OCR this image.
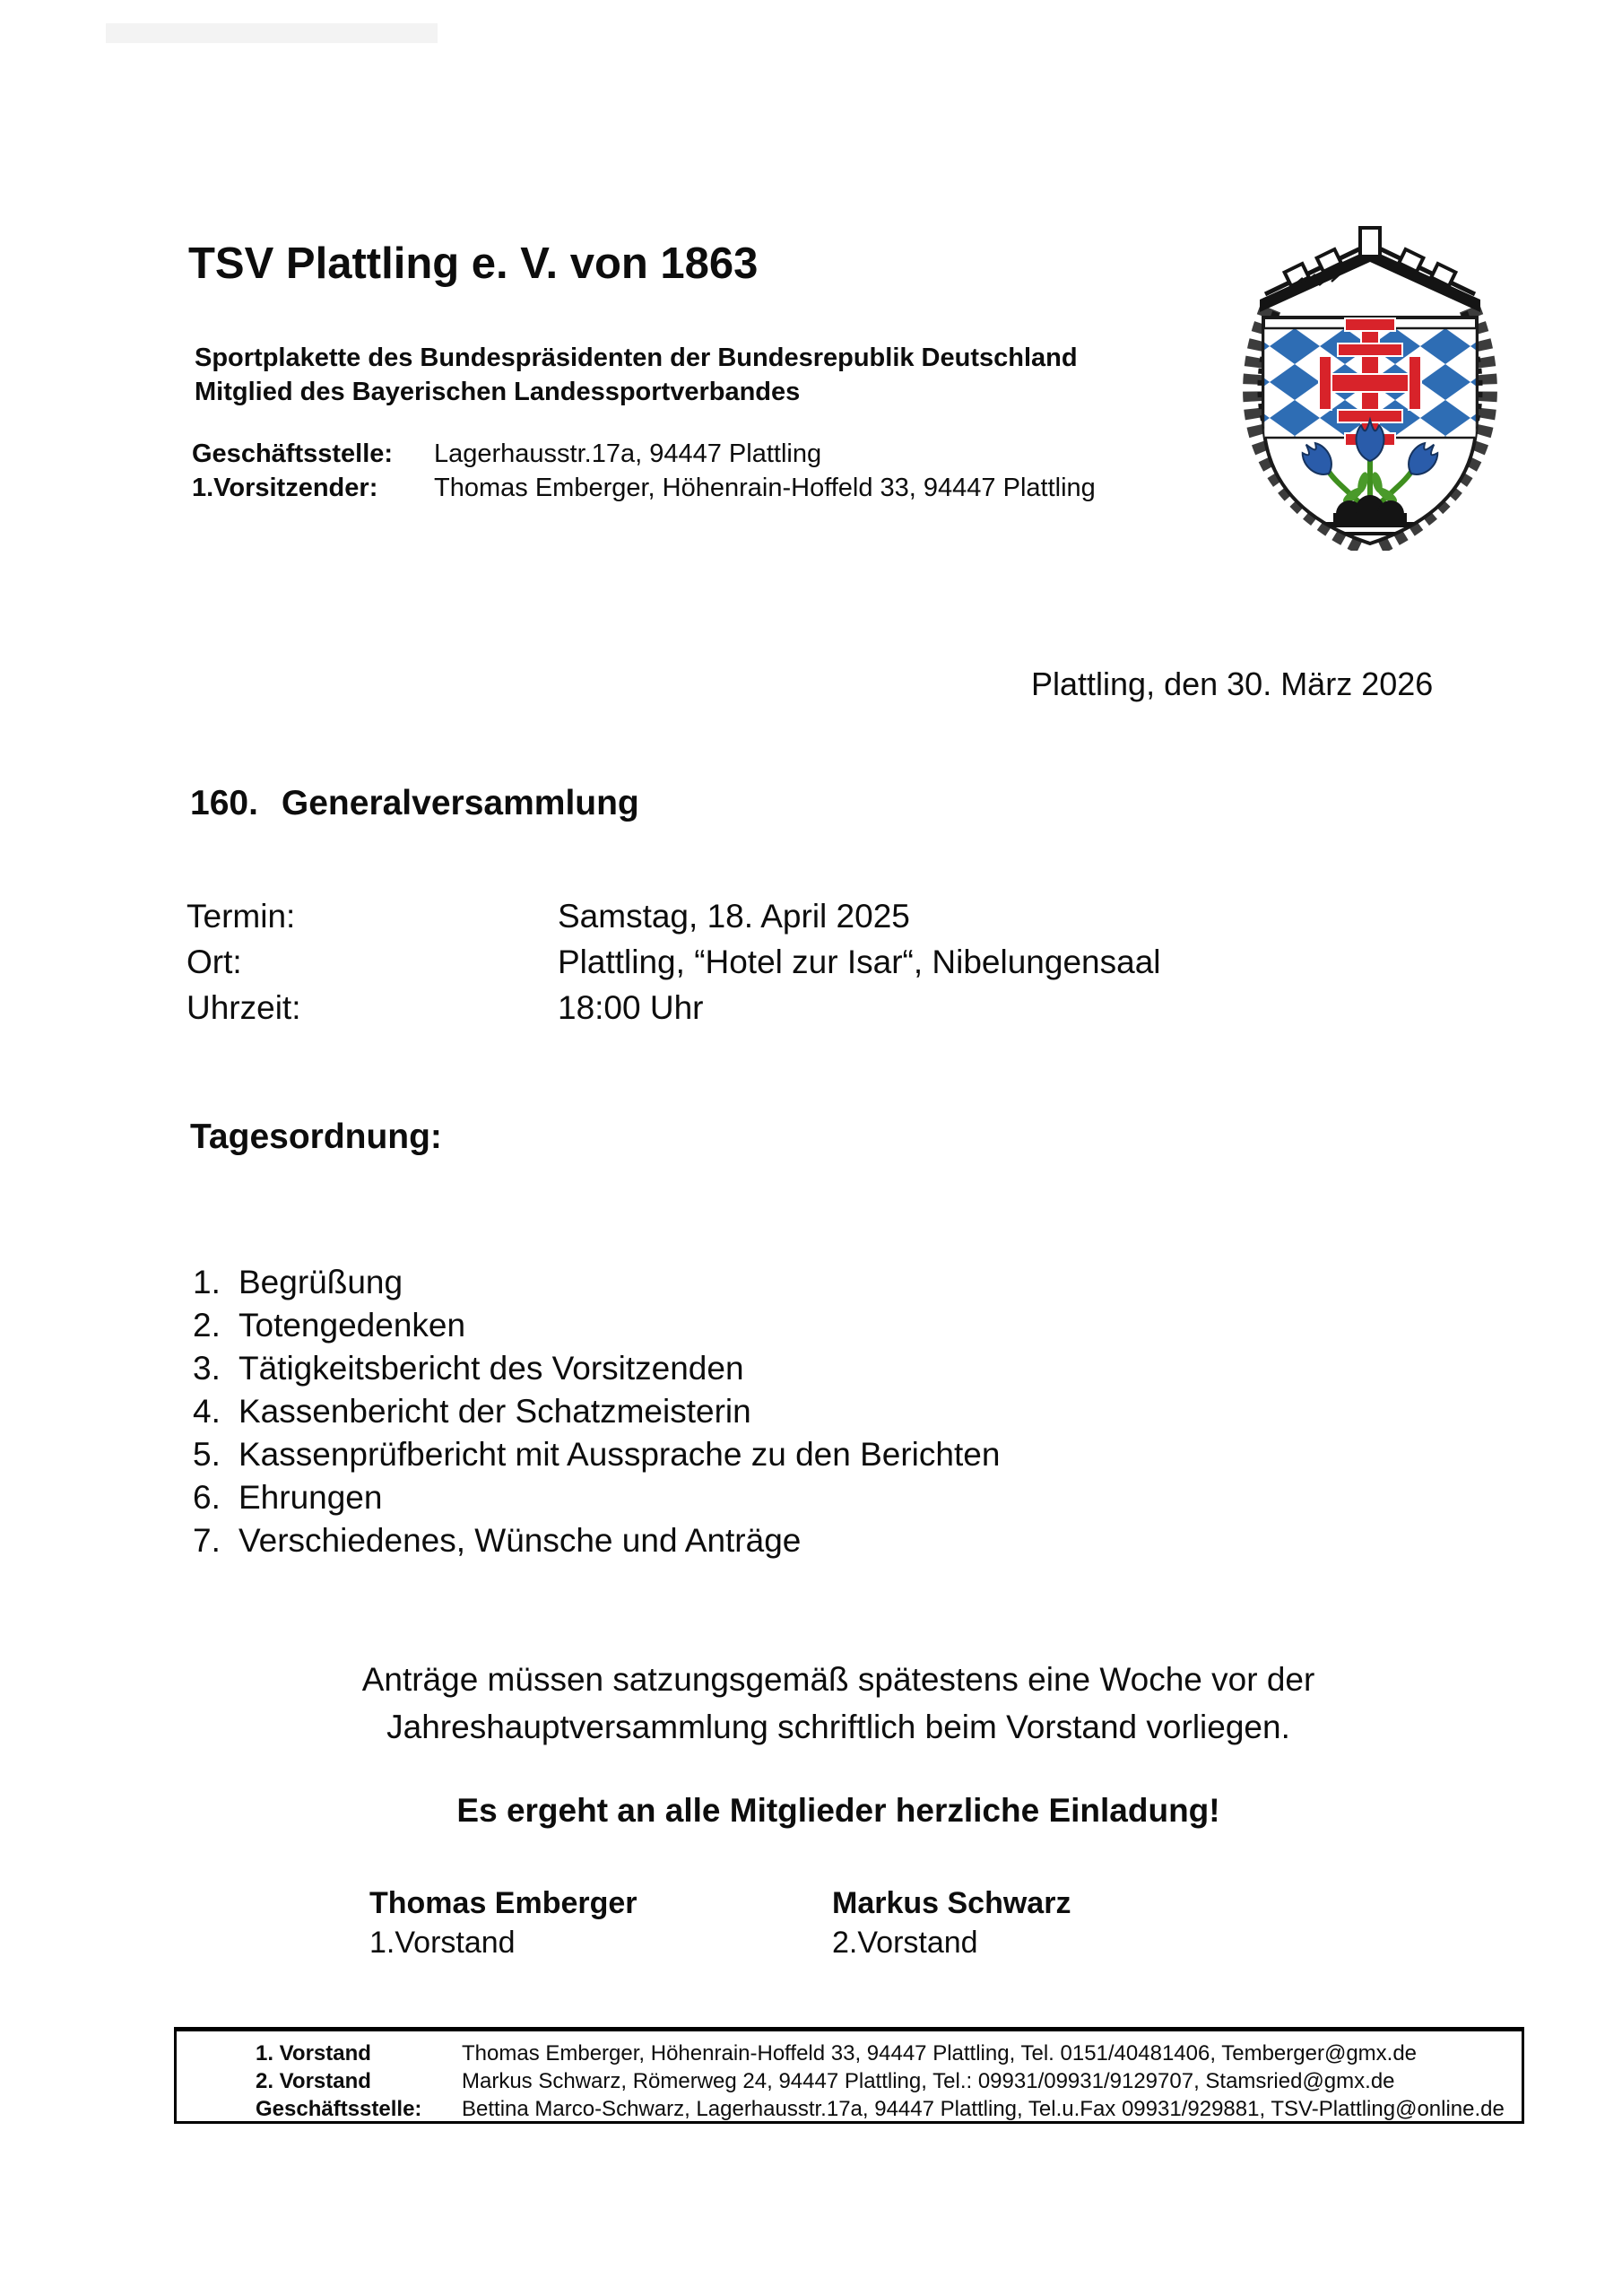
TSV Plattling e. V. von 1863
Sportplakette des Bundespräsidenten der Bundesrepublik Deutschland
Mitglied des Bayerischen Landessportverbandes
Geschäftsstelle: Lagerhausstr.17a, 94447 Plattling
1.Vorsitzender: Thomas Emberger, Höhenrain-Hoffeld 33, 94447 Plattling
Plattling, den 30. März 2026
160. Generalversammlung
Termin:	Samstag, 18. April 2025
Ort:	Plattling, “Hotel zur Isar“, Nibelungensaal
Uhrzeit:	18:00 Uhr
Tagesordnung:
1. Begrüßung
2. Totengedenken
3. Tätigkeitsbericht des Vorsitzenden
4. Kassenbericht der Schatzmeisterin
5. Kassenprüfbericht mit Aussprache zu den Berichten
6. Ehrungen
7. Verschiedenes, Wünsche und Anträge
Anträge müssen satzungsgemäß spätestens eine Woche vor der
Jahreshauptversammlung schriftlich beim Vorstand vorliegen.
Es ergeht an alle Mitglieder herzliche Einladung!
Thomas Emberger
1.Vorstand
Markus Schwarz
2.Vorstand
1. Vorstand	Thomas Emberger, Höhenrain-Hoffeld 33, 94447 Plattling, Tel. 0151/40481406, Temberger@gmx.de
2. Vorstand	Markus Schwarz, Römerweg 24, 94447 Plattling, Tel.: 09931/09931/9129707, Stamsried@gmx.de
Geschäftsstelle: Bettina Marco-Schwarz, Lagerhausstr.17a, 94447 Plattling, Tel.u.Fax 09931/929881, TSV-Plattling@online.de
